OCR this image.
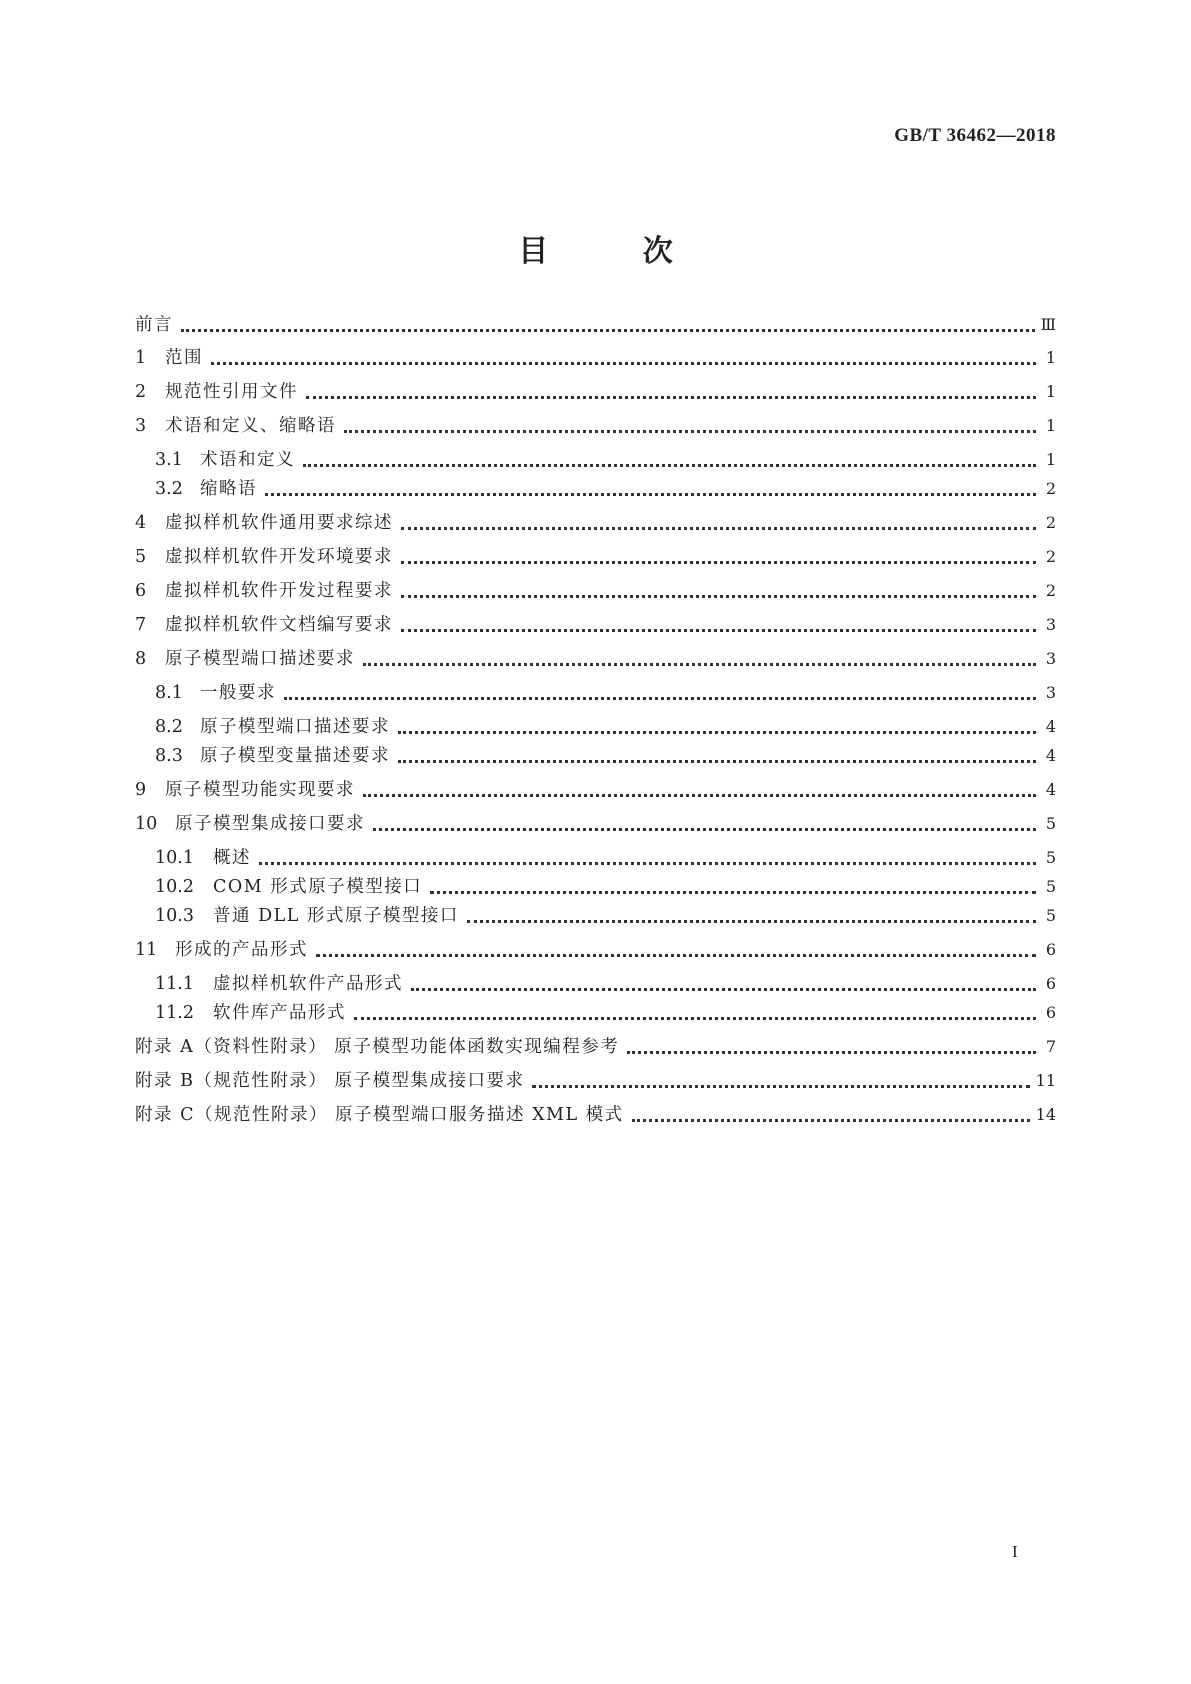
GB/T 36462—2018
目 次
前言	Ⅲ
1	范围	1
2	规范性引用文件	1
3	术语和定义、缩略语	1
3.1 术语和定义	1
3.2 缩略语	2
4	虚拟样机软件通用要求综述	2
5	虚拟样机软件开发环境要求	2
6	虚拟样机软件开发过程要求	2
7	虚拟样机软件文档编写要求	3
8	原子模型端口描述要求	3
8.1 一般要求	3
8.2 原子模型端口描述要求	4
8.3 原子模型变量描述要求	4
9	原子模型功能实现要求	4
10	原子模型集成接口要求	5
10.1	概述	5
10.2	COM 形式原子模型接口	5
10.3	普通 DLL 形式原子模型接口	5
11	形成的产品形式	6
11.1	虚拟样机软件产品形式	6
11.2	软件库产品形式	6
附录 A（资料性附录） 原子模型功能体函数实现编程参考	7
附录 B（规范性附录） 原子模型集成接口要求	11
附录 C（规范性附录） 原子模型端口服务描述 XML 模式	14
I
